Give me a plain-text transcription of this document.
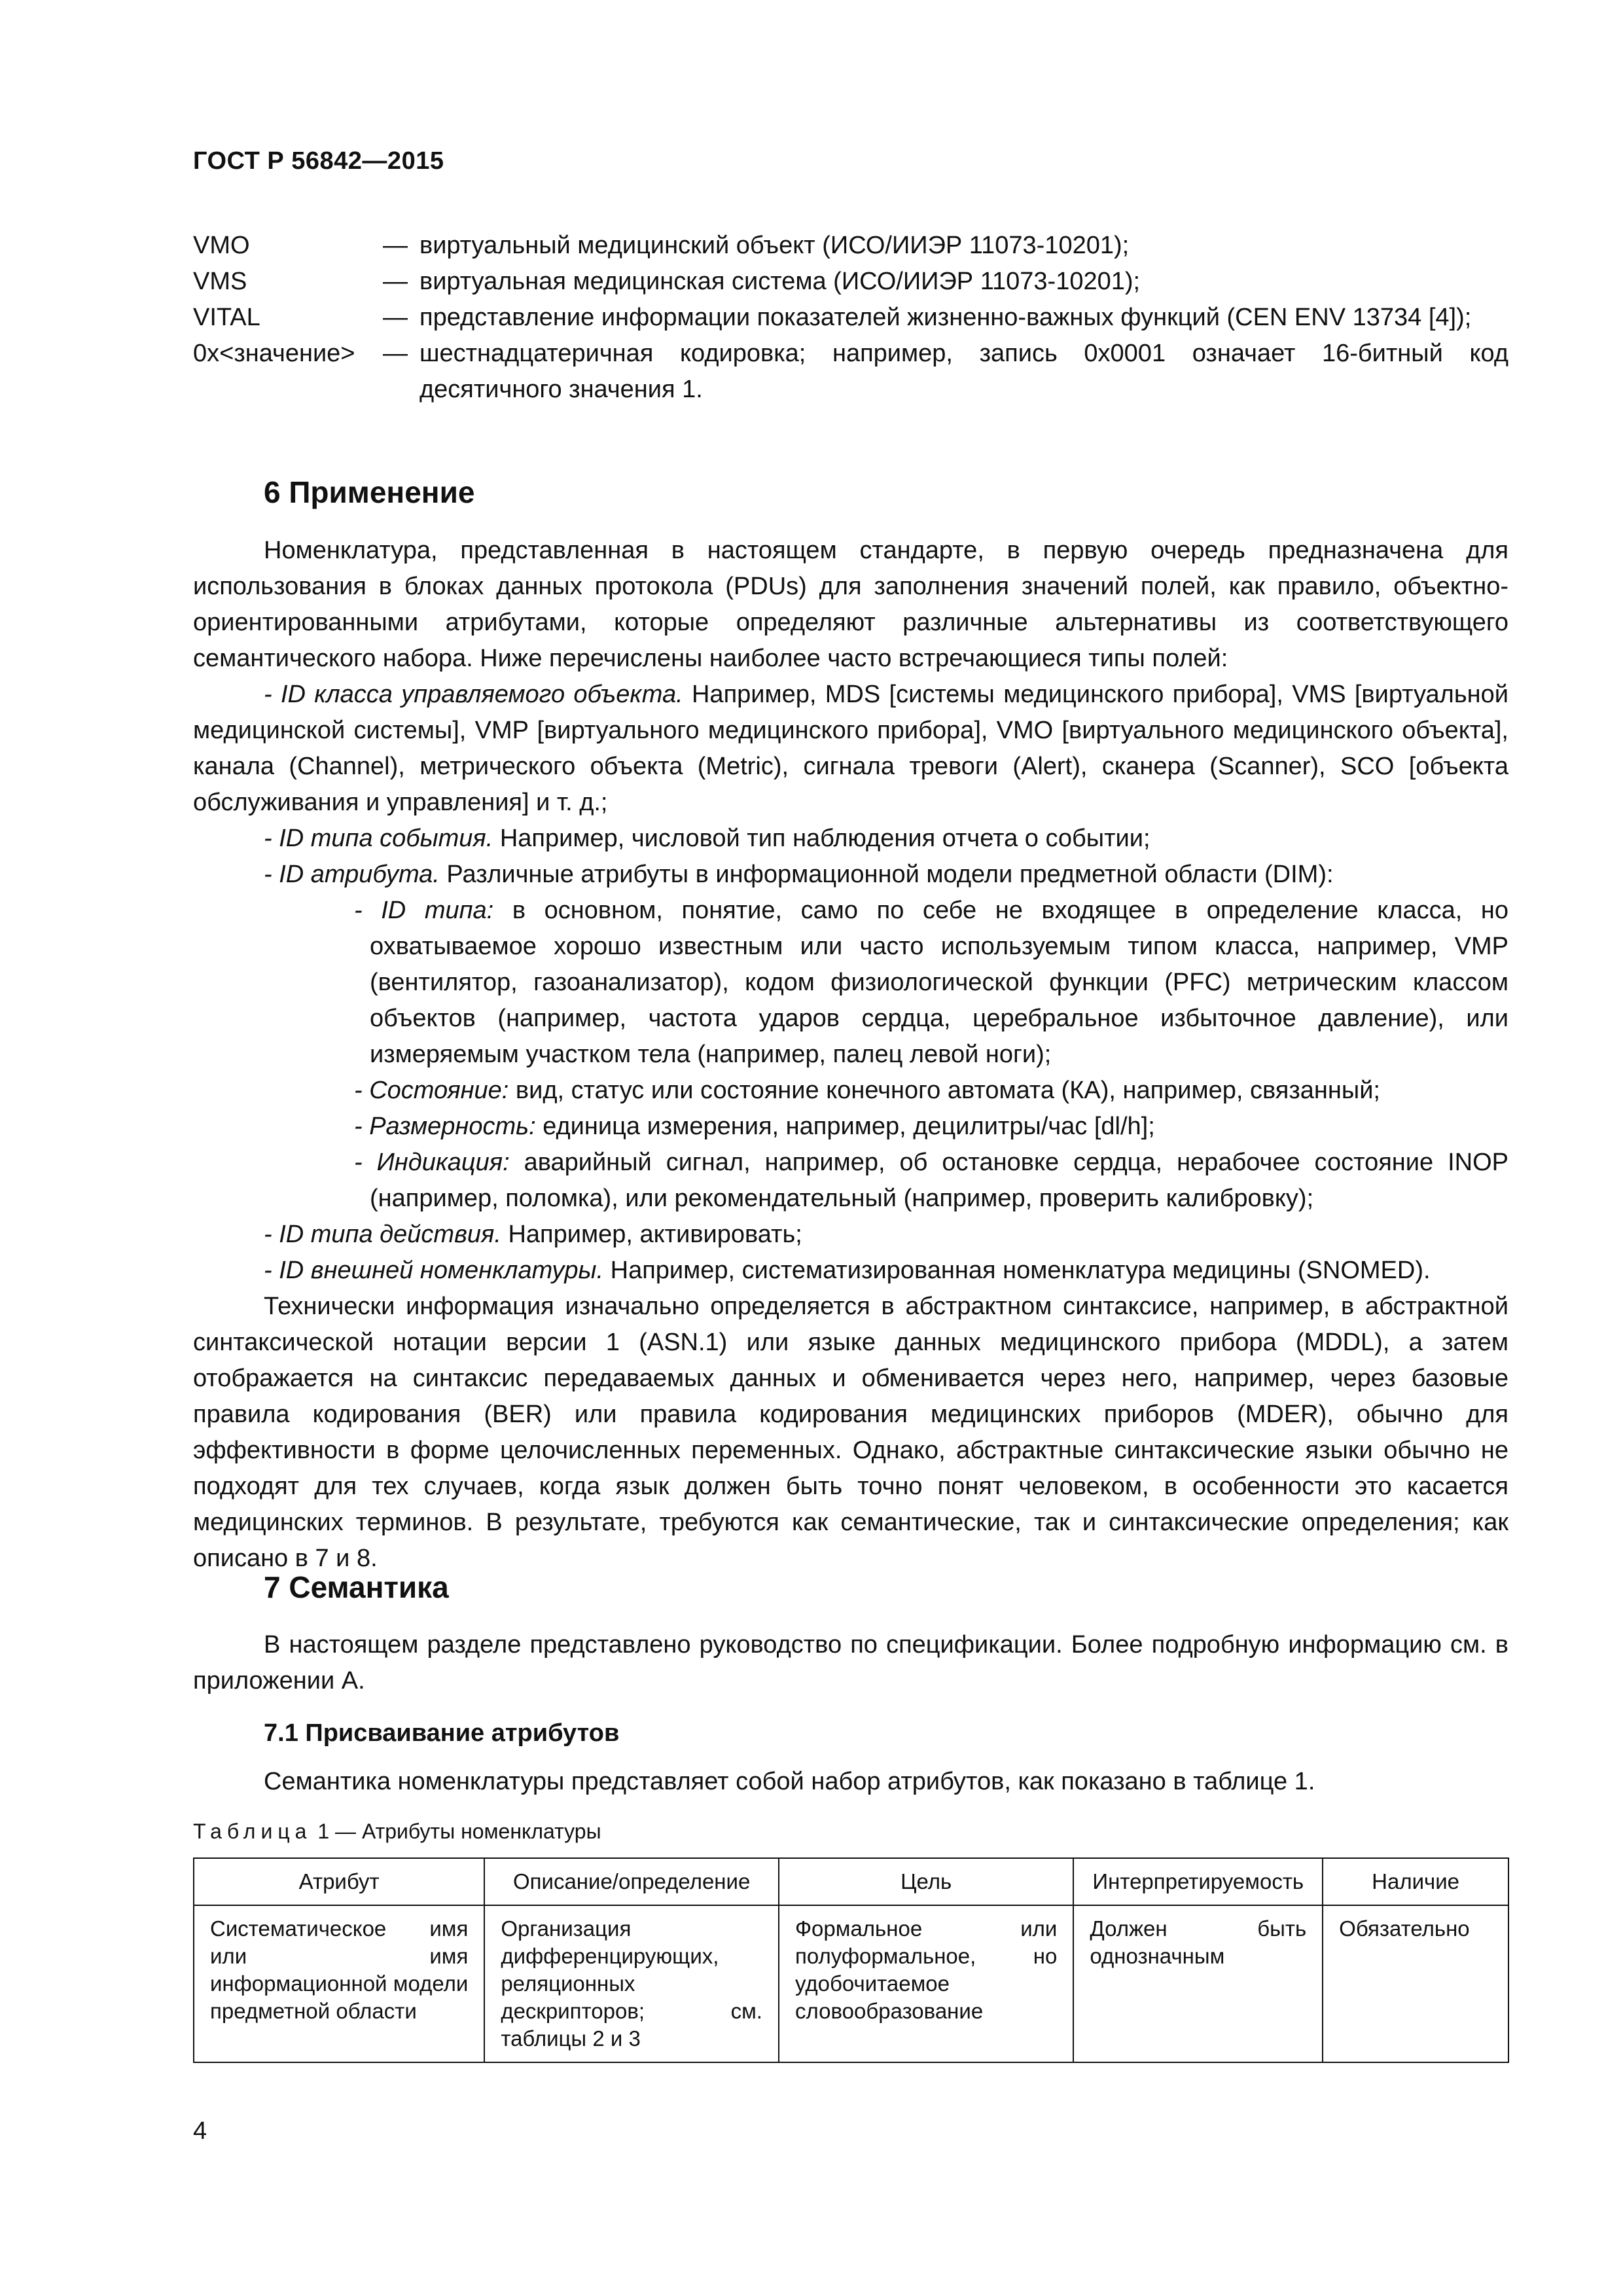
ГОСТ Р 56842—2015
VMO	— виртуальный медицинский объект (ИСО/ИИЭР 11073-10201);
VMS	— виртуальная медицинская система (ИСО/ИИЭР 11073-10201);
VITAL	— представление информации показателей жизненно-важных функций (CEN ENV 13734 [4]);
0х<значение>	— шестнадцатеричная кодировка; например, запись 0х0001 означает 16-битный код десятичного значения 1.
6 Применение

Номенклатура, представленная в настоящем стандарте, в первую очередь предназначена для использования в блоках данных протокола (PDUs) для заполнения значений полей, как правило, объектно-ориентированными атрибутами, которые определяют различные альтернативы из соответствующего семантического набора. Ниже перечислены наиболее часто встречающиеся типы полей:

- ID класса управляемого объекта. Например, MDS [системы медицинского прибора], VMS [виртуальной медицинской системы], VMP [виртуального медицинского прибора], VMO [виртуального медицинского объекта], канала (Channel), метрического объекта (Metric), сигнала тревоги (Alert), сканера (Scanner), SCO [объекта обслуживания и управления] и т. д.;

- ID типа события. Например, числовой тип наблюдения отчета о событии;

- ID атрибута. Различные атрибуты в информационной модели предметной области (DIM):

- ID типа: в основном, понятие, само по себе не входящее в определение класса, но охватываемое хорошо известным или часто используемым типом класса, например, VMP (вентилятор, газоанализатор), кодом физиологической функции (PFC) метрическим классом объектов (например, частота ударов сердца, церебральное избыточное давление), или измеряемым участком тела (например, палец левой ноги);

- Состояние: вид, статус или состояние конечного автомата (КА), например, связанный;

- Размерность: единица измерения, например, децилитры/час [dl/h];

- Индикация: аварийный сигнал, например, об остановке сердца, нерабочее состояние INOP (например, поломка), или рекомендательный (например, проверить калибровку);

- ID типа действия. Например, активировать;

- ID внешней номенклатуры. Например, систематизированная номенклатура медицины (SNOMED).

Технически информация изначально определяется в абстрактном синтаксисе, например, в абстрактной синтаксической нотации версии 1 (ASN.1) или языке данных медицинского прибора (MDDL), а затем отображается на синтаксис передаваемых данных и обменивается через него, например, через базовые правила кодирования (BER) или правила кодирования медицинских приборов (MDER), обычно для эффективности в форме целочисленных переменных. Однако, абстрактные синтаксические языки обычно не подходят для тех случаев, когда язык должен быть точно понят человеком, в особенности это касается медицинских терминов. В результате, требуются как семантические, так и синтаксические определения; как описано в 7 и 8.

7 Семантика

В настоящем разделе представлено руководство по спецификации. Более подробную информацию см. в приложении А.

7.1 Присваивание атрибутов

Семантика номенклатуры представляет собой набор атрибутов, как показано в таблице 1.

Таблица 1 — Атрибуты номенклатуры
Атрибут	Описание/определение	Цель	Интерпретируемость	Наличие
Систематическое имя или имя информационной модели предметной области	Организация дифференцирующих, реляционных дескрипторов; см. таблицы 2 и 3	Формальное или полуформальное, но удобочитаемое словообразование	Должен быть однозначным	Обязательно
4
